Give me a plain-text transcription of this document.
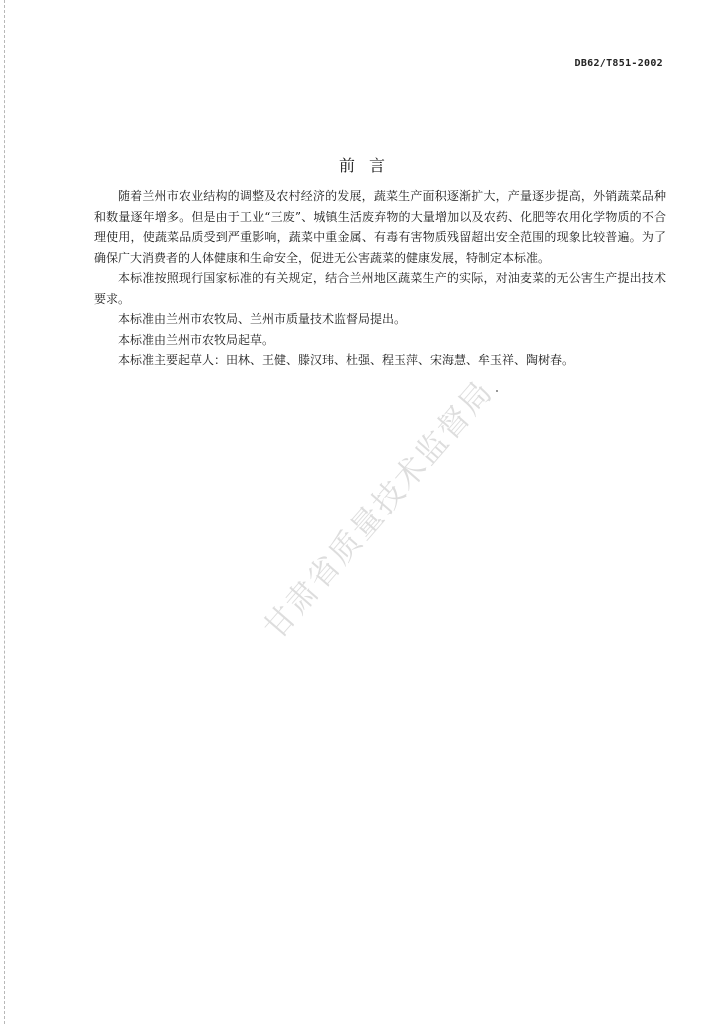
DB62/T851-2002
前言

随着兰州市农业结构的调整及农村经济的发展，蔬菜生产面积逐渐扩大，产量逐步提高，外销蔬菜品种和数量逐年增多。但是由于工业“三废”、城镇生活废弃物的大量增加以及农药、化肥等农用化学物质的不合理使用，使蔬菜品质受到严重影响，蔬菜中重金属、有毒有害物质残留超出安全范围的现象比较普遍。为了确保广大消费者的人体健康和生命安全，促进无公害蔬菜的健康发展，特制定本标准。

本标准按照现行国家标准的有关规定，结合兰州地区蔬菜生产的实际，对油麦菜的无公害生产提出技术要求。

本标准由兰州市农牧局、兰州市质量技术监督局提出。

本标准由兰州市农牧局起草。

本标准主要起草人：田林、王健、滕汉玮、杜强、程玉萍、宋海慧、牟玉祥、陶树春。

甘肃省质量技术监督局
